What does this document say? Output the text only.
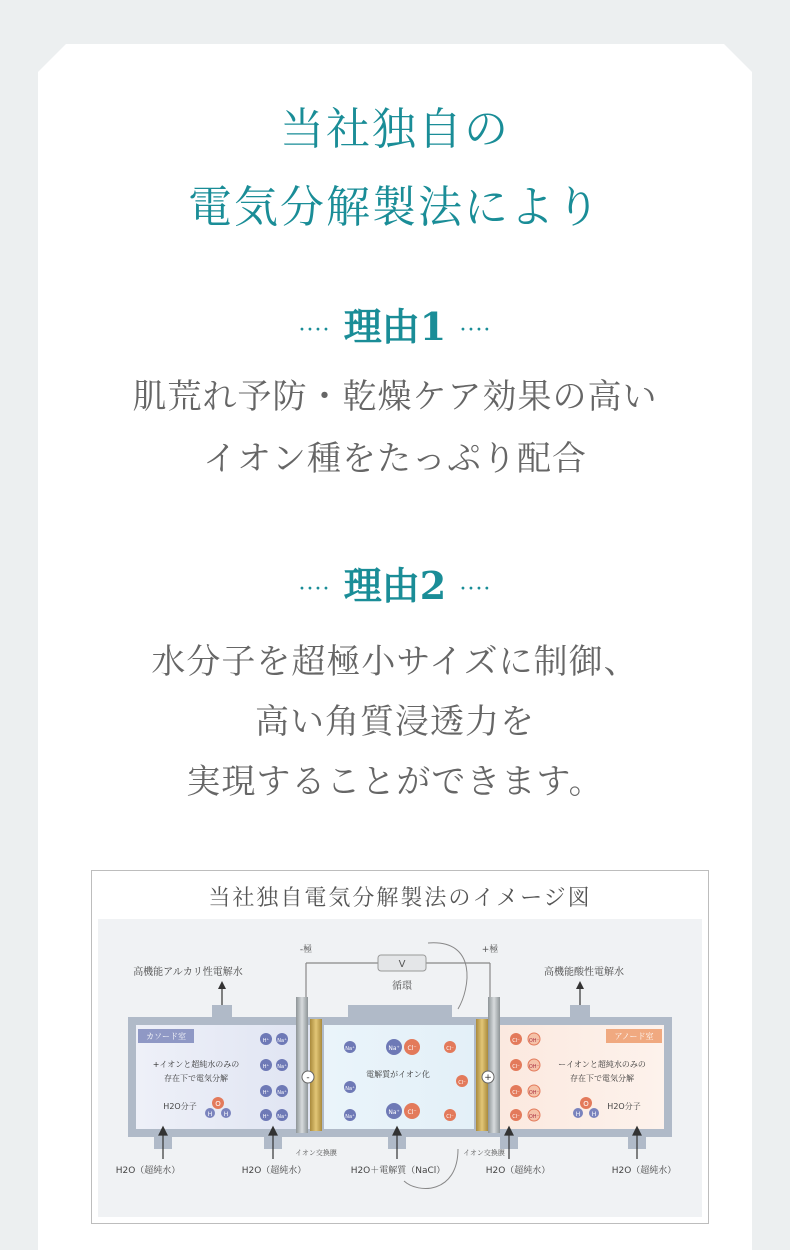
当社独自の
電気分解製法により
···· 理由1 ····
肌荒れ予防・乾燥ケア効果の高い
イオン種をたっぷり配合
···· 理由2 ····
水分子を超極小サイズに制御、
高い角質浸透力を
実現することができます。
当社独自電気分解製法のイメージ図
V
-極	+極
循環
高機能アルカリ性電解水	高機能酸性電解水
-	+
カソード室	アノード室
+イオンと超純水のみの
存在下で電気分解
ーイオンと超純水のみの
存在下で電気分解
電解質がイオン化
H2O分子	H2O分子
O
H H
O
H H
H⁺ Na⁺
H⁺ Na⁺
H⁺ Na⁺
H⁺ Na⁺
Na⁺	Na⁺ Cl⁻	Cl⁻
Na⁺
Cl⁻
Na⁺
Na⁺ Cl⁻
Cl⁻
Cl⁻ OH⁻
Cl⁻ OH⁻
Cl⁻ OH⁻
Cl⁻ OH⁻
イオン交換膜	イオン交換膜
H2O（超純水）	H2O（超純水）	H2O＋電解質（NaCl）	H2O（超純水）	H2O（超純水）
